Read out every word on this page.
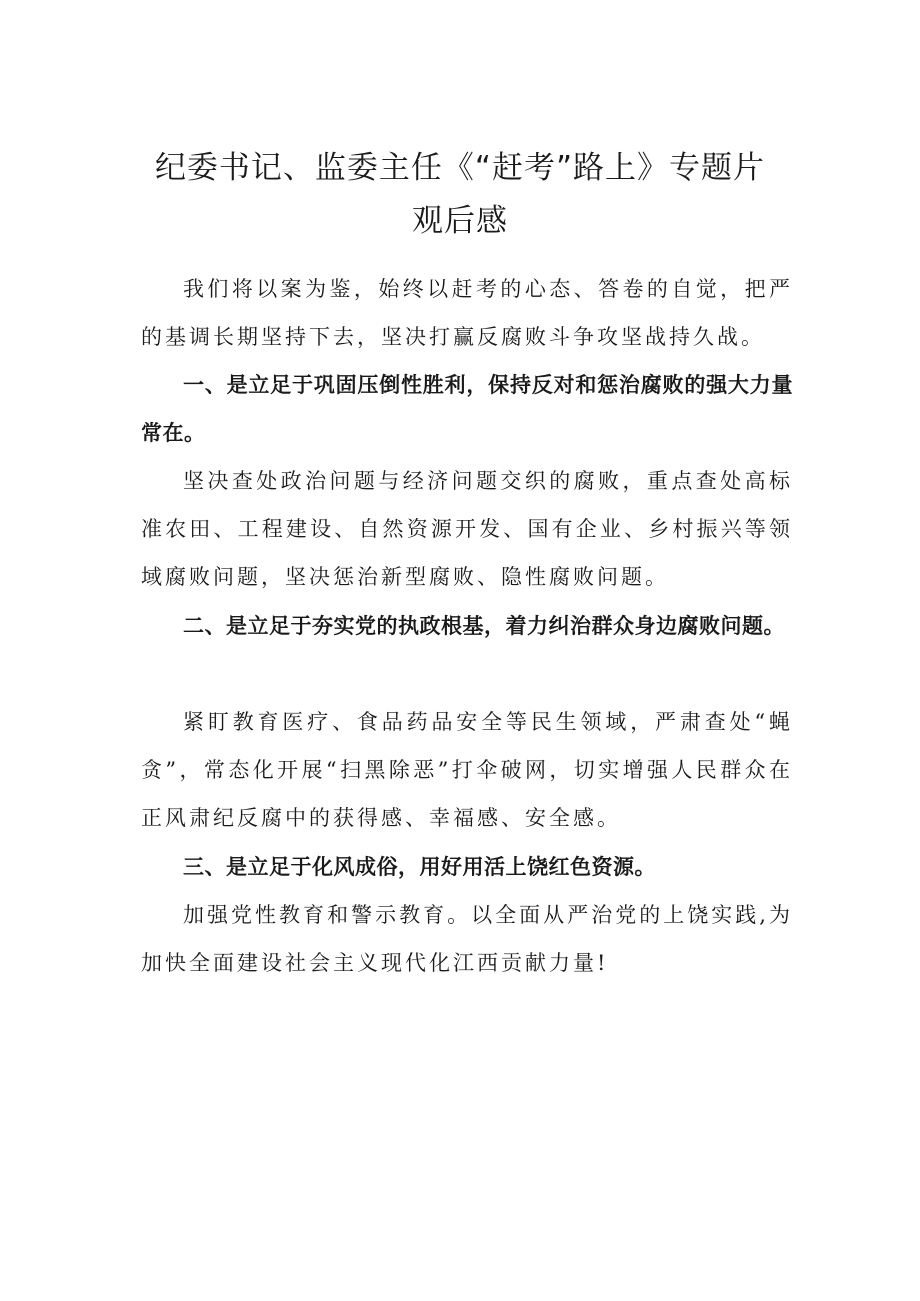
纪委书记、监委主任《“赶考”路上》专题片
观后感

我们将以案为鉴，始终以赶考的心态、答卷的自觉，把严的基调长期坚持下去，坚决打赢反腐败斗争攻坚战持久战。

一、是立足于巩固压倒性胜利，保持反对和惩治腐败的强大力量常在。

坚决查处政治问题与经济问题交织的腐败，重点查处高标准农田、工程建设、自然资源开发、国有企业、乡村振兴等领域腐败问题，坚决惩治新型腐败、隐性腐败问题。

二、是立足于夯实党的执政根基，着力纠治群众身边腐败问题。

紧盯教育医疗、食品药品安全等民生领域，严肃查处“蝇贪”，常态化开展“扫黑除恶”打伞破网，切实增强人民群众在正风肃纪反腐中的获得感、幸福感、安全感。

三、是立足于化风成俗，用好用活上饶红色资源。

加强党性教育和警示教育。以全面从严治党的上饶实践,为加快全面建设社会主义现代化江西贡献力量!
